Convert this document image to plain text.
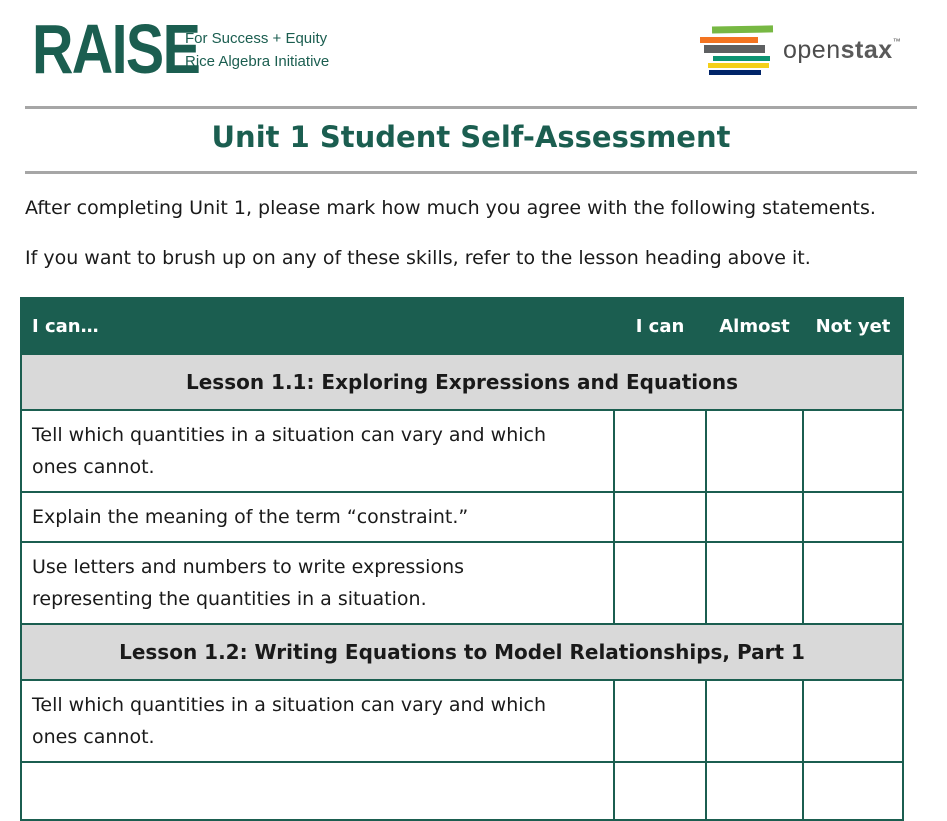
RAISE
For Success + Equity
Rice Algebra Initiative	openstax™
Unit 1 Student Self-Assessment
After completing Unit 1, please mark how much you agree with the following statements.
If you want to brush up on any of these skills, refer to the lesson heading above it.
I can…	I can	Almost	Not yet
Lesson 1.1: Exploring Expressions and Equations			

Tell which quantities in a situation can vary and which
ones cannot.			

Explain the meaning of the term “constraint.”			

Use letters and numbers to write expressions
representing the quantities in a situation.			

Lesson 1.2: Writing Equations to Model Relationships, Part 1			

Tell which quantities in a situation can vary and which
ones cannot.			
